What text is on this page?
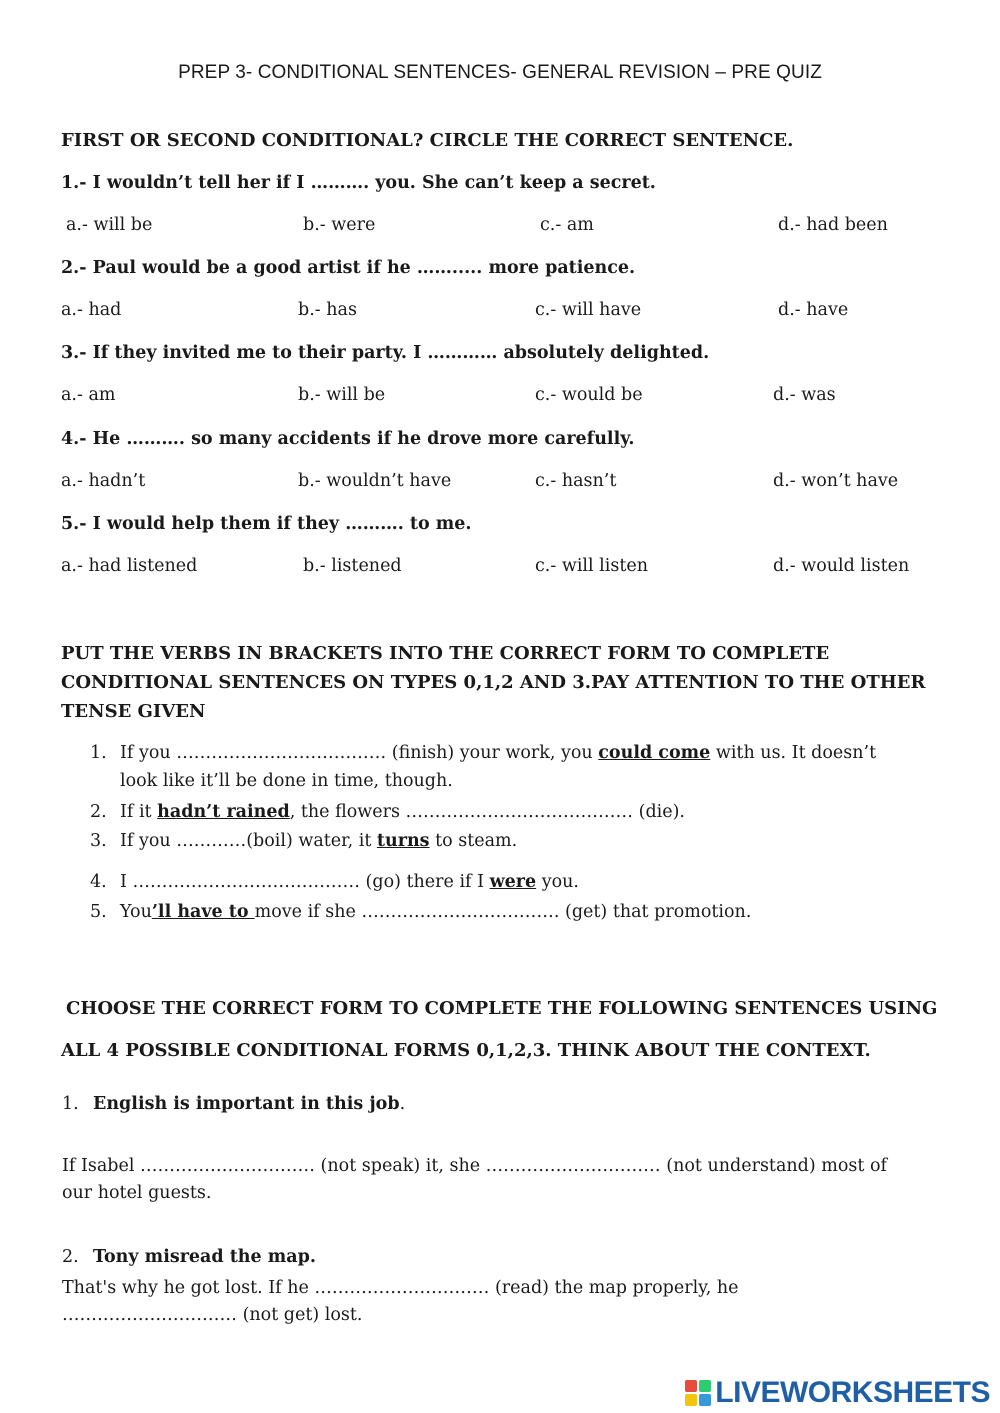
PREP 3- CONDITIONAL SENTENCES- GENERAL REVISION – PRE QUIZ
FIRST OR SECOND CONDITIONAL? CIRCLE THE CORRECT SENTENCE.
1.- I wouldn’t tell her if I ………. you. She can’t keep a secret.
a.- will be	b.- were	c.- am	d.- had been
2.- Paul would be a good artist if he ……..... more patience.
a.- had	b.- has	c.- will have	d.- have
3.- If they invited me to their party. I ………… absolutely delighted.
a.- am	b.- will be	c.- would be	d.- was
4.- He ………. so many accidents if he drove more carefully.
a.- hadn’t	b.- wouldn’t have	c.- hasn’t	d.- won’t have
5.- I would help them if they ………. to me.
a.- had listened	b.- listened	c.- will listen	d.- would listen
PUT THE VERBS IN BRACKETS INTO THE CORRECT FORM TO COMPLETE
CONDITIONAL SENTENCES ON TYPES 0,1,2 AND 3.PAY ATTENTION TO THE OTHER
TENSE GIVEN
1. If you ……………………………… (finish) your work, you could come with us. It doesn’t
look like it’ll be done in time, though.
2. If it hadn’t rained, the flowers ………………………………… (die).
3. If you …………(boil) water, it turns to steam.
4. I ………………………………… (go) there if I were you.
5. You’ll have to move if she ……………………………. (get) that promotion.
CHOOSE THE CORRECT FORM TO COMPLETE THE FOLLOWING SENTENCES USING
ALL 4 POSSIBLE CONDITIONAL FORMS 0,1,2,3. THINK ABOUT THE CONTEXT.
1. English is important in this job.
If Isabel ………………………… (not speak) it, she ………………………… (not understand) most of
our hotel guests.
2. Tony misread the map.
That's why he got lost. If he ………………………… (read) the map properly, he
………………………… (not get) lost.
LIVEWORKSHEETS
